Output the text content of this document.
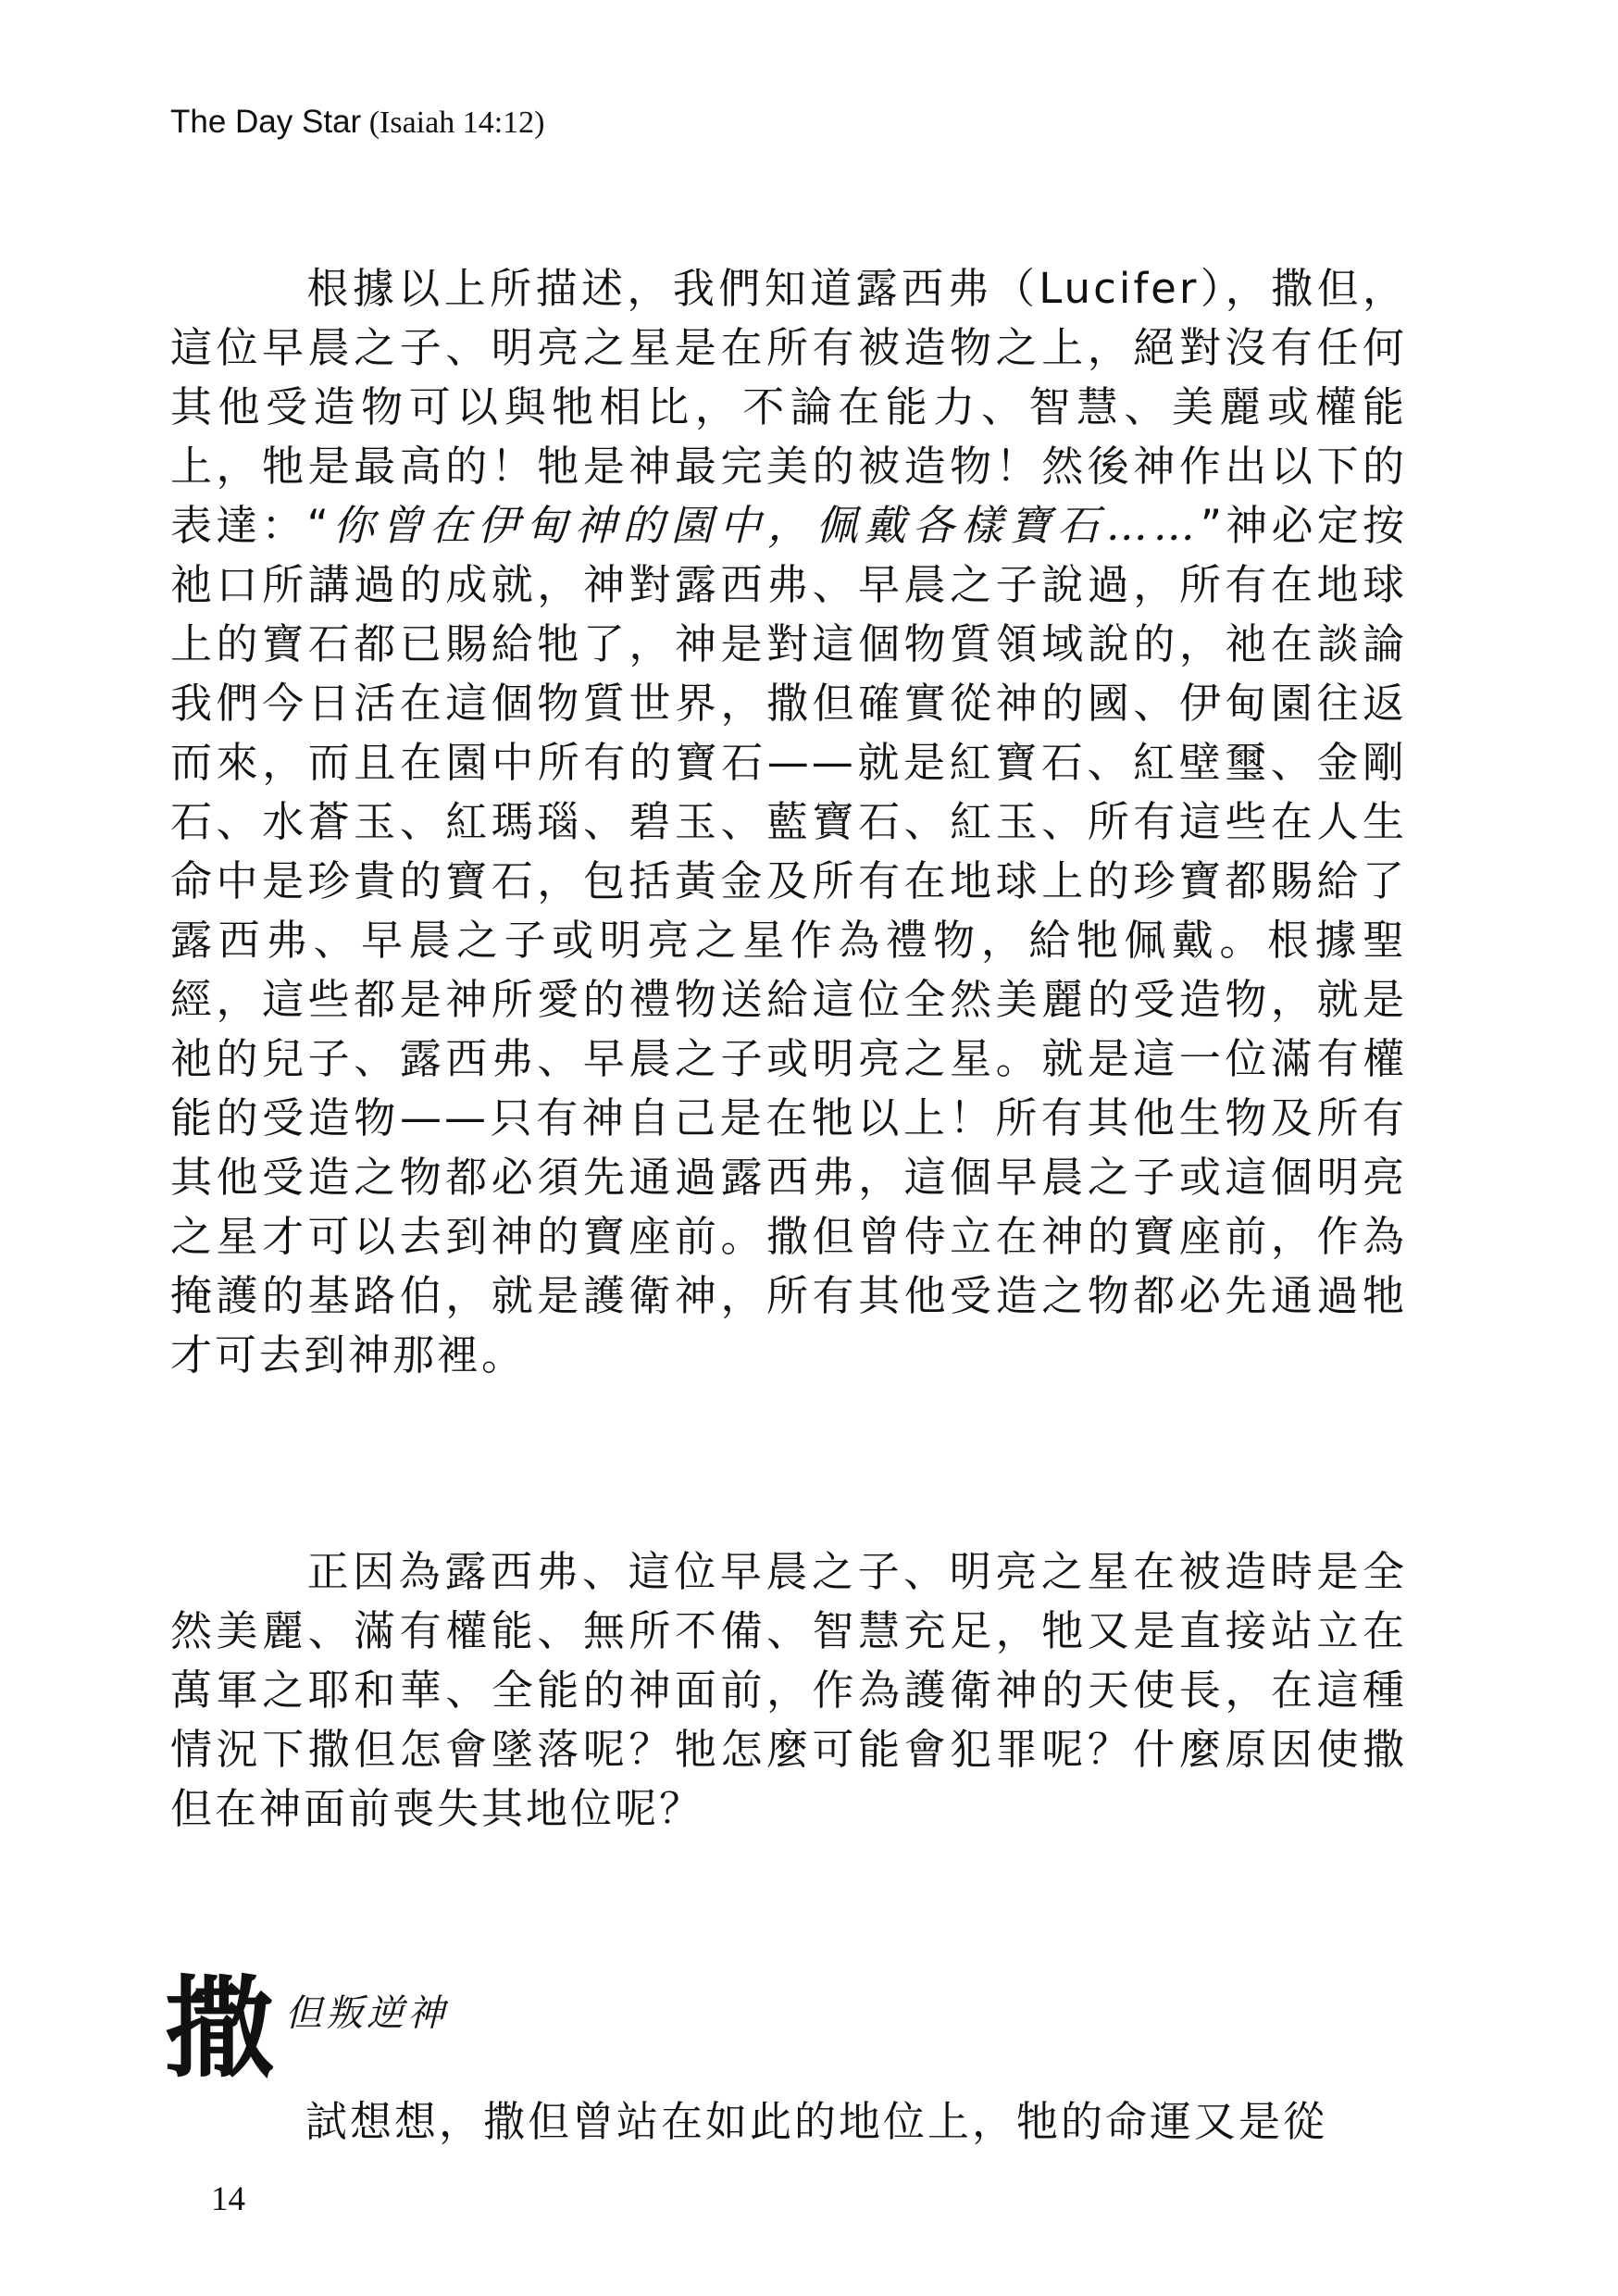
The Day Star (Isaiah 14:12)
根據以上所描述，我們知道露西弗（Lucifer），撒但，這位早晨之子、明亮之星是在所有被造物之上，絕對沒有任何其他受造物可以與牠相比，不論在能力、智慧、美麗或權能上，牠是最高的！牠是神最完美的被造物！然後神作出以下的表達：“你曾在伊甸神的園中，佩戴各樣寶石……”神必定按祂口所講過的成就，神對露西弗、早晨之子說過，所有在地球上的寶石都已賜給牠了，神是對這個物質領域說的，祂在談論我們今日活在這個物質世界，撒但確實從神的國、伊甸園往返而來，而且在園中所有的寶石——就是紅寶石、紅壁璽、金剛石、水蒼玉、紅瑪瑙、碧玉、藍寶石、紅玉、所有這些在人生命中是珍貴的寶石，包括黃金及所有在地球上的珍寶都賜給了露西弗、早晨之子或明亮之星作為禮物，給牠佩戴。根據聖經，這些都是神所愛的禮物送給這位全然美麗的受造物，就是祂的兒子、露西弗、早晨之子或明亮之星。就是這一位滿有權能的受造物——只有神自己是在牠以上！所有其他生物及所有其他受造之物都必須先通過露西弗，這個早晨之子或這個明亮之星才可以去到神的寶座前。撒但曾侍立在神的寶座前，作為掩護的基路伯，就是護衛神，所有其他受造之物都必先通過牠才可去到神那裡。
正因為露西弗、這位早晨之子、明亮之星在被造時是全然美麗、滿有權能、無所不備、智慧充足，牠又是直接站立在萬軍之耶和華、全能的神面前，作為護衛神的天使長，在這種情況下撒但怎會墜落呢？牠怎麼可能會犯罪呢？什麼原因使撒但在神面前喪失其地位呢？
撒 但叛逆神
試想想，撒但曾站在如此的地位上，牠的命運又是從
14
